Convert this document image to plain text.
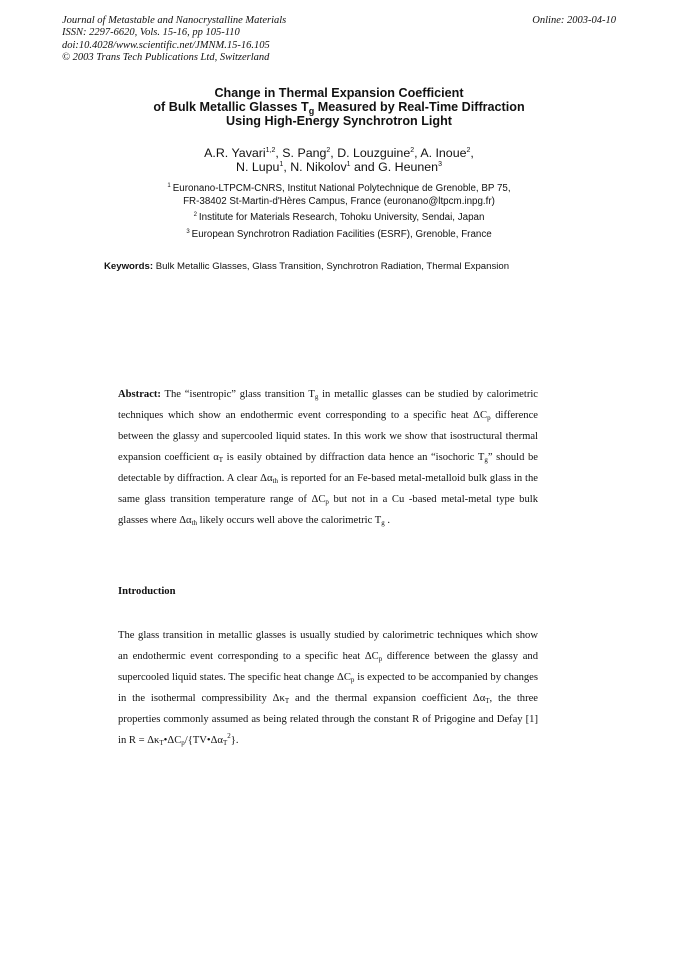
Journal of Metastable and Nanocrystalline Materials
ISSN: 2297-6620, Vols. 15-16, pp 105-110
doi:10.4028/www.scientific.net/JMNM.15-16.105
© 2003 Trans Tech Publications Ltd, Switzerland
Online: 2003-04-10
Change in Thermal Expansion Coefficient
of Bulk Metallic Glasses $T_g$ Measured by Real-Time Diffraction
Using High-Energy Synchrotron Light
A.R. Yavari$^{1,2}$, S. Pang$^2$, D. Louzguine$^2$, A. Inoue$^2$,
N. Lupu$^1$, N. Nikolov$^1$ and G. Heunen$^3$
$^1$ Euronano-LTPCM-CNRS, Institut National Polytechnique de Grenoble, BP 75,
FR-38402 St-Martin-d'Hères Campus, France (euronano@ltpcm.inpg.fr)
$^2$ Institute for Materials Research, Tohoku University, Sendai, Japan
$^3$ European Synchrotron Radiation Facilities (ESRF), Grenoble, France
Keywords: Bulk Metallic Glasses, Glass Transition, Synchrotron Radiation, Thermal Expansion
Abstract: The “isentropic” glass transition Tg in metallic glasses can be studied by calorimetric techniques which show an endothermic event corresponding to a specific heat ΔCp difference between the glassy and supercooled liquid states. In this work we show that isostructural thermal expansion coefficient αT is easily obtained by diffraction data hence an “isochoric Tg” should be detectable by diffraction. A clear Δαth is reported for an Fe-based metal-metalloid bulk glass in the same glass transition temperature range of ΔCp but not in a Cu -based metal-metal type bulk glasses where Δαth likely occurs well above the calorimetric Tg .
Introduction
The glass transition in metallic glasses is usually studied by calorimetric techniques which show an endothermic event corresponding to a specific heat ΔCp difference between the glassy and supercooled liquid states. The specific heat change ΔCp is expected to be accompanied by changes in the isothermal compressibility ΔκT and the thermal expansion coefficient ΔαT, the three properties commonly assumed as being related through the constant R of Prigogine and Defay [1] in R = ΔκT•ΔCp/{TV•ΔαT$^2$}.
